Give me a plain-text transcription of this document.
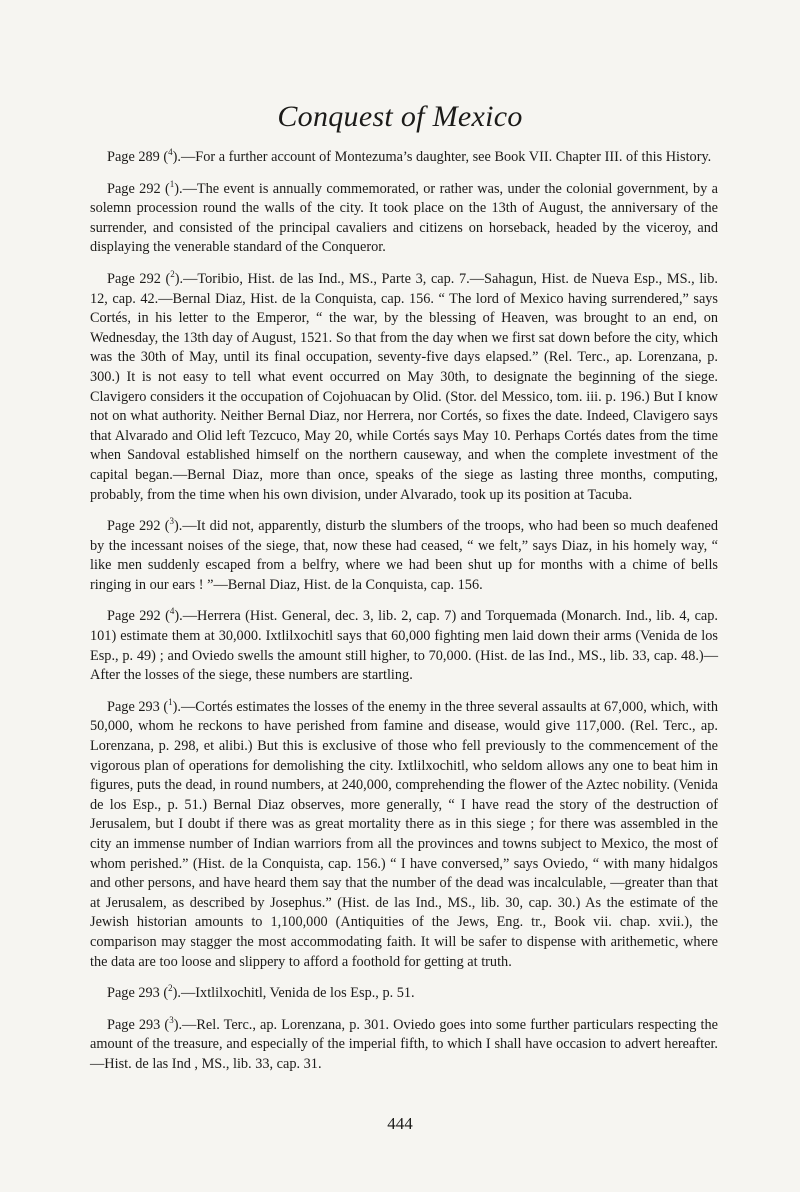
Conquest of Mexico

Page 289 ($^4$).—For a further account of Montezuma’s daughter, see Book VII. Chapter III. of this History.

Page 292 ($^1$).—The event is annually commemorated, or rather was, under the colonial government, by a solemn procession round the walls of the city. It took place on the 13th of August, the anniversary of the surrender, and consisted of the principal cavaliers and citizens on horseback, headed by the viceroy, and displaying the venerable standard of the Conqueror.

Page 292 ($^2$).—Toribio, Hist. de las Ind., MS., Parte 3, cap. 7.—Sahagun, Hist. de Nueva Esp., MS., lib. 12, cap. 42.—Bernal Diaz, Hist. de la Conquista, cap. 156. “ The lord of Mexico having surrendered,” says Cortés, in his letter to the Emperor, “ the war, by the blessing of Heaven, was brought to an end, on Wednesday, the 13th day of August, 1521. So that from the day when we first sat down before the city, which was the 30th of May, until its final occupation, seventy-five days elapsed.” (Rel. Terc., ap. Lorenzana, p. 300.) It is not easy to tell what event occurred on May 30th, to designate the beginning of the siege. Clavigero considers it the occupation of Cojohuacan by Olid. (Stor. del Messico, tom. iii. p. 196.) But I know not on what authority. Neither Bernal Diaz, nor Herrera, nor Cortés, so fixes the date. Indeed, Clavigero says that Alvarado and Olid left Tezcuco, May 20, while Cortés says May 10. Perhaps Cortés dates from the time when Sandoval established himself on the northern causeway, and when the complete investment of the capital began.—Bernal Diaz, more than once, speaks of the siege as lasting three months, computing, probably, from the time when his own division, under Alvarado, took up its position at Tacuba.

Page 292 ($^3$).—It did not, apparently, disturb the slumbers of the troops, who had been so much deafened by the incessant noises of the siege, that, now these had ceased, “ we felt,” says Diaz, in his homely way, “ like men suddenly escaped from a belfry, where we had been shut up for months with a chime of bells ringing in our ears ! ”—Bernal Diaz, Hist. de la Conquista, cap. 156.

Page 292 ($^4$).—Herrera (Hist. General, dec. 3, lib. 2, cap. 7) and Torquemada (Monarch. Ind., lib. 4, cap. 101) estimate them at 30,000. Ixtlilxochitl says that 60,000 fighting men laid down their arms (Venida de los Esp., p. 49) ; and Oviedo swells the amount still higher, to 70,000. (Hist. de las Ind., MS., lib. 33, cap. 48.)—After the losses of the siege, these numbers are startling.

Page 293 ($^1$).—Cortés estimates the losses of the enemy in the three several assaults at 67,000, which, with 50,000, whom he reckons to have perished from famine and disease, would give 117,000. (Rel. Terc., ap. Lorenzana, p. 298, et alibi.) But this is exclusive of those who fell previously to the commencement of the vigorous plan of operations for demolishing the city. Ixtlilxochitl, who seldom allows any one to beat him in figures, puts the dead, in round numbers, at 240,000, comprehending the flower of the Aztec nobility. (Venida de los Esp., p. 51.) Bernal Diaz observes, more generally, “ I have read the story of the destruction of Jerusalem, but I doubt if there was as great mortality there as in this siege ; for there was assembled in the city an immense number of Indian warriors from all the provinces and towns subject to Mexico, the most of whom perished.” (Hist. de la Conquista, cap. 156.) “ I have conversed,” says Oviedo, “ with many hidalgos and other persons, and have heard them say that the number of the dead was incalculable, —greater than that at Jerusalem, as described by Josephus.” (Hist. de las Ind., MS., lib. 30, cap. 30.) As the estimate of the Jewish historian amounts to 1,100,000 (Antiquities of the Jews, Eng. tr., Book vii. chap. xvii.), the comparison may stagger the most accommodating faith. It will be safer to dispense with arithemetic, where the data are too loose and slippery to afford a foothold for getting at truth.

Page 293 ($^2$).—Ixtlilxochitl, Venida de los Esp., p. 51.

Page 293 ($^3$).—Rel. Terc., ap. Lorenzana, p. 301. Oviedo goes into some further particulars respecting the amount of the treasure, and especially of the imperial fifth, to which I shall have occasion to advert hereafter.—Hist. de las Ind , MS., lib. 33, cap. 31.

444
